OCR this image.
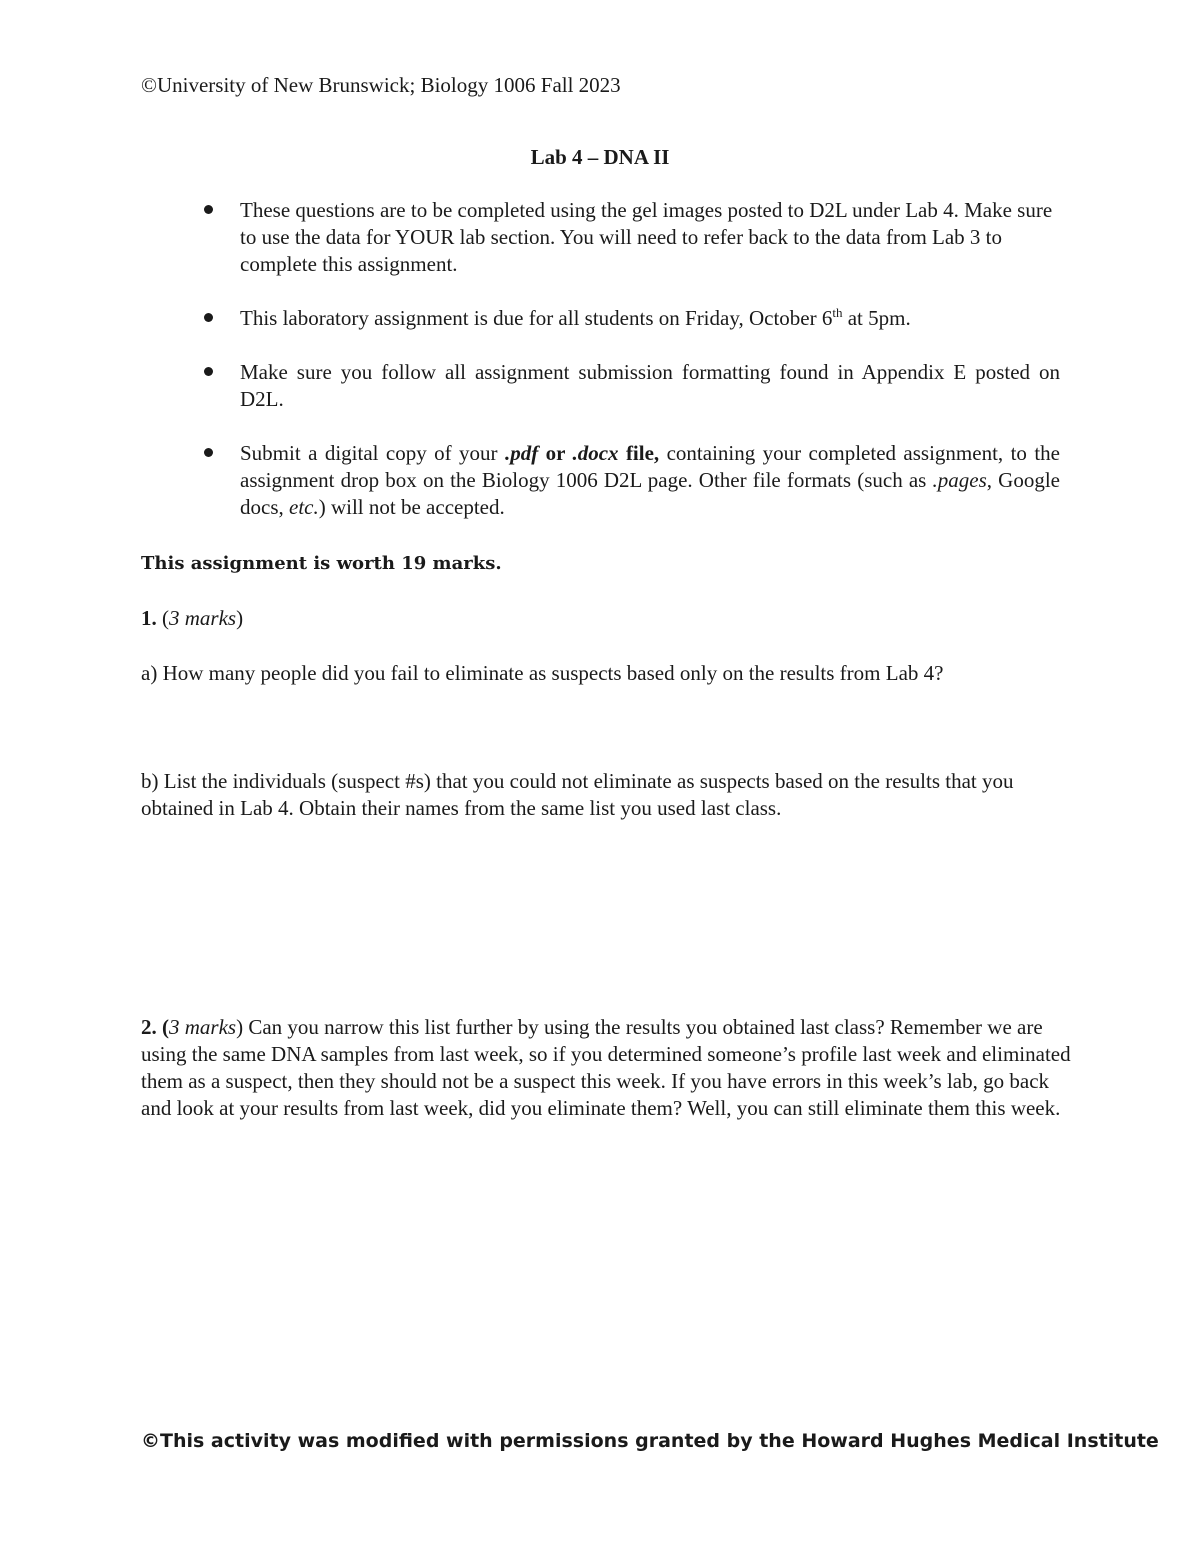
©University of New Brunswick; Biology 1006 Fall 2023
Lab 4 – DNA II
These questions are to be completed using the gel images posted to D2L under Lab 4. Make sure to use the data for YOUR lab section. You will need to refer back to the data from Lab 3 to complete this assignment.
This laboratory assignment is due for all students on Friday, October 6th at 5pm.
Make sure you follow all assignment submission formatting found in Appendix E posted on D2L.
Submit a digital copy of your .pdf or .docx file, containing your completed assignment, to the assignment drop box on the Biology 1006 D2L page. Other file formats (such as .pages, Google docs, etc.) will not be accepted.
This assignment is worth 19 marks.
1. (3 marks)
a) How many people did you fail to eliminate as suspects based only on the results from Lab 4?
b) List the individuals (suspect #s) that you could not eliminate as suspects based on the results that you obtained in Lab 4. Obtain their names from the same list you used last class.
2. (3 marks) Can you narrow this list further by using the results you obtained last class? Remember we are using the same DNA samples from last week, so if you determined someone’s profile last week and eliminated them as a suspect, then they should not be a suspect this week. If you have errors in this week’s lab, go back and look at your results from last week, did you eliminate them? Well, you can still eliminate them this week.
©This activity was modified with permissions granted by the Howard Hughes Medical Institute
